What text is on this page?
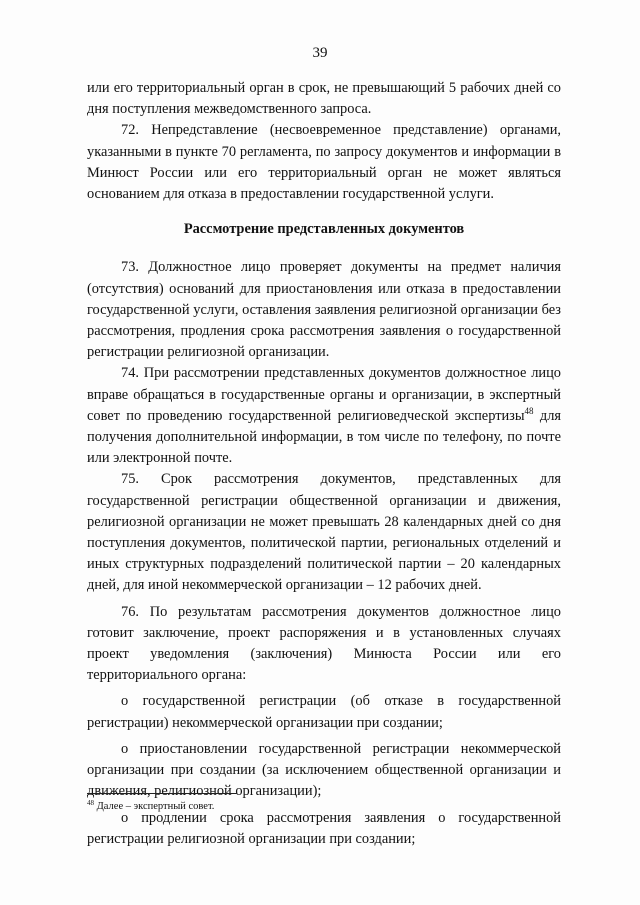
39

или его территориальный орган в срок, не превышающий 5 рабочих дней со дня поступления межведомственного запроса.

72. Непредставление (несвоевременное представление) органами, указанными в пункте 70 регламента, по запросу документов и информации в Минюст России или его территориальный орган не может являться основанием для отказа в предоставлении государственной услуги.

Рассмотрение представленных документов

73. Должностное лицо проверяет документы на предмет наличия (отсутствия) оснований для приостановления или отказа в предоставлении государственной услуги, оставления заявления религиозной организации без рассмотрения, продления срока рассмотрения заявления о государственной регистрации религиозной организации.

74. При рассмотрении представленных документов должностное лицо вправе обращаться в государственные органы и организации, в экспертный совет по проведению государственной религиоведческой экспертизы$^{48}$ для получения дополнительной информации, в том числе по телефону, по почте или электронной почте.

75. Срок рассмотрения документов, представленных для государственной регистрации общественной организации и движения, религиозной организации не может превышать 28 календарных дней со дня поступления документов, политической партии, региональных отделений и иных структурных подразделений политической партии – 20 календарных дней, для иной некоммерческой организации – 12 рабочих дней.

76. По результатам рассмотрения документов должностное лицо готовит заключение, проект распоряжения и в установленных случаях проект уведомления (заключения) Минюста России или его территориального органа:

о государственной регистрации (об отказе в государственной регистрации) некоммерческой организации при создании;

о приостановлении государственной регистрации некоммерческой организации при создании (за исключением общественной организации и движения, религиозной организации);

о продлении срока рассмотрения заявления о государственной регистрации религиозной организации при создании;

$^{48}$ Далее – экспертный совет.
